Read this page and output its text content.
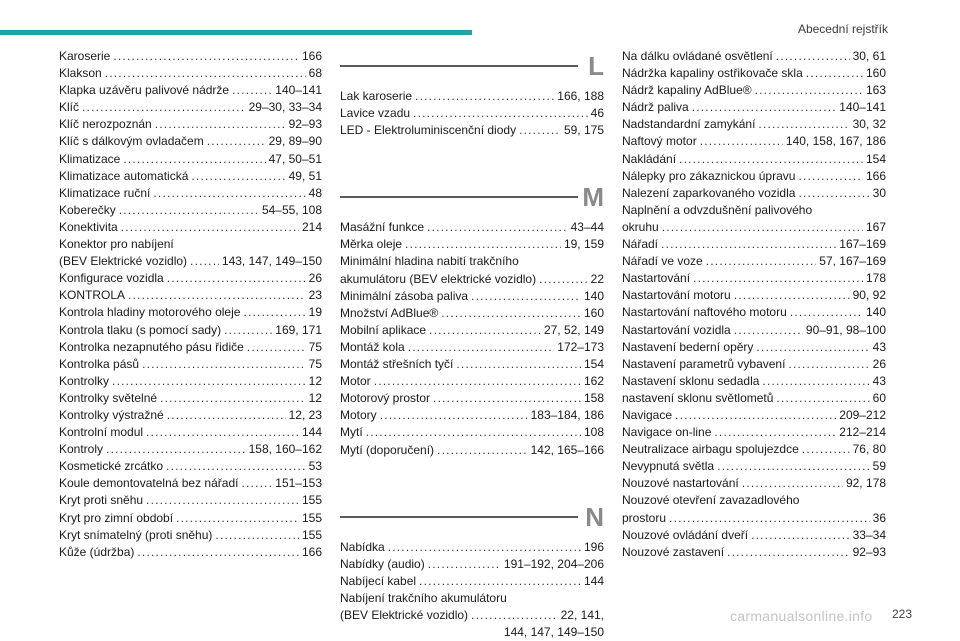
Abecední rejstřík
Karoserie .....	166
Klakson .....	68
Klapka uzávěru palivové nádrže .....	140–141
Klíč .....	29–30, 33–34
Klíč nerozpoznán .....	92–93
Klíč s dálkovým ovladačem .....	29, 89–90
Klimatizace .....	47, 50–51
Klimatizace automatická .....	49, 51
Klimatizace ruční .....	48
Koberečky .....	54–55, 108
Konektivita .....	214
Konektor pro nabíjení
(BEV Elektrické vozidlo) .....	143, 147, 149–150
Konfigurace vozidla .....	26
KONTROLA .....	23
Kontrola hladiny motorového oleje .....	19
Kontrola tlaku (s pomocí sady) .....	169, 171
Kontrolka nezapnutého pásu řidiče .....	75
Kontrolka pásů .....	75
Kontrolky .....	12
Kontrolky světelné .....	12
Kontrolky výstražné .....	12, 23
Kontrolní modul .....	144
Kontroly .....	158, 160–162
Kosmetické zrcátko .....	53
Koule demontovatelná bez nářadí .....	151–153
Kryt proti sněhu .....	155
Kryt pro zimní období .....	155
Kryt snímatelný (proti sněhu) .....	155
Kůže (údržba) .....	166
L
Lak karoserie .....	166, 188
Lavice vzadu .....	46
LED - Elektroluminiscenční diody .....	59, 175
M
Masážní funkce .....	43–44
Měrka oleje .....	19, 159
Minimální hladina nabití trakčního
akumulátoru (BEV elektrické vozidlo) .....	22
Minimální zásoba paliva .....	140
Množství AdBlue® .....	160
Mobilní aplikace .....	27, 52, 149
Montáž kola .....	172–173
Montáž střešních tyčí .....	154
Motor .....	162
Motorový prostor .....	158
Motory .....	183–184, 186
Mytí .....	108
Mytí (doporučení) .....	142, 165–166
N
Nabídka .....	196
Nabídky (audio) .....	191–192, 204–206
Nabíjecí kabel .....	144
Nabíjení trakčního akumulátoru
(BEV Elektrické vozidlo) .....	22, 141,
144, 147, 149–150
Na dálku ovládané osvětlení .....	30, 61
Nádržka kapaliny ostřikovače skla .....	160
Nádrž kapaliny AdBlue® .....	163
Nádrž paliva .....	140–141
Nadstandardní zamykání .....	30, 32
Naftový motor .....	140, 158, 167, 186
Nakládání .....	154
Nálepky pro zákaznickou úpravu .....	166
Nalezení zaparkovaného vozidla .....	30
Naplnění a odvzdušnění palivového
okruhu .....	167
Nářadí .....	167–169
Nářadí ve voze .....	57, 167–169
Nastartování .....	178
Nastartování motoru .....	90, 92
Nastartování naftového motoru .....	140
Nastartování vozidla .....	90–91, 98–100
Nastavení bederní opěry .....	43
Nastavení parametrů vybavení .....	26
Nastavení sklonu sedadla .....	43
nastavení sklonu světlometů .....	60
Navigace .....	209–212
Navigace on-line .....	212–214
Neutralizace airbagu spolujezdce .....	76, 80
Nevypnutá světla .....	59
Nouzové nastartování .....	92, 178
Nouzové otevření zavazadlového
prostoru .....	36
Nouzové ovládání dveří .....	33–34
Nouzové zastavení .....	92–93
carmanualsonline.info 223
